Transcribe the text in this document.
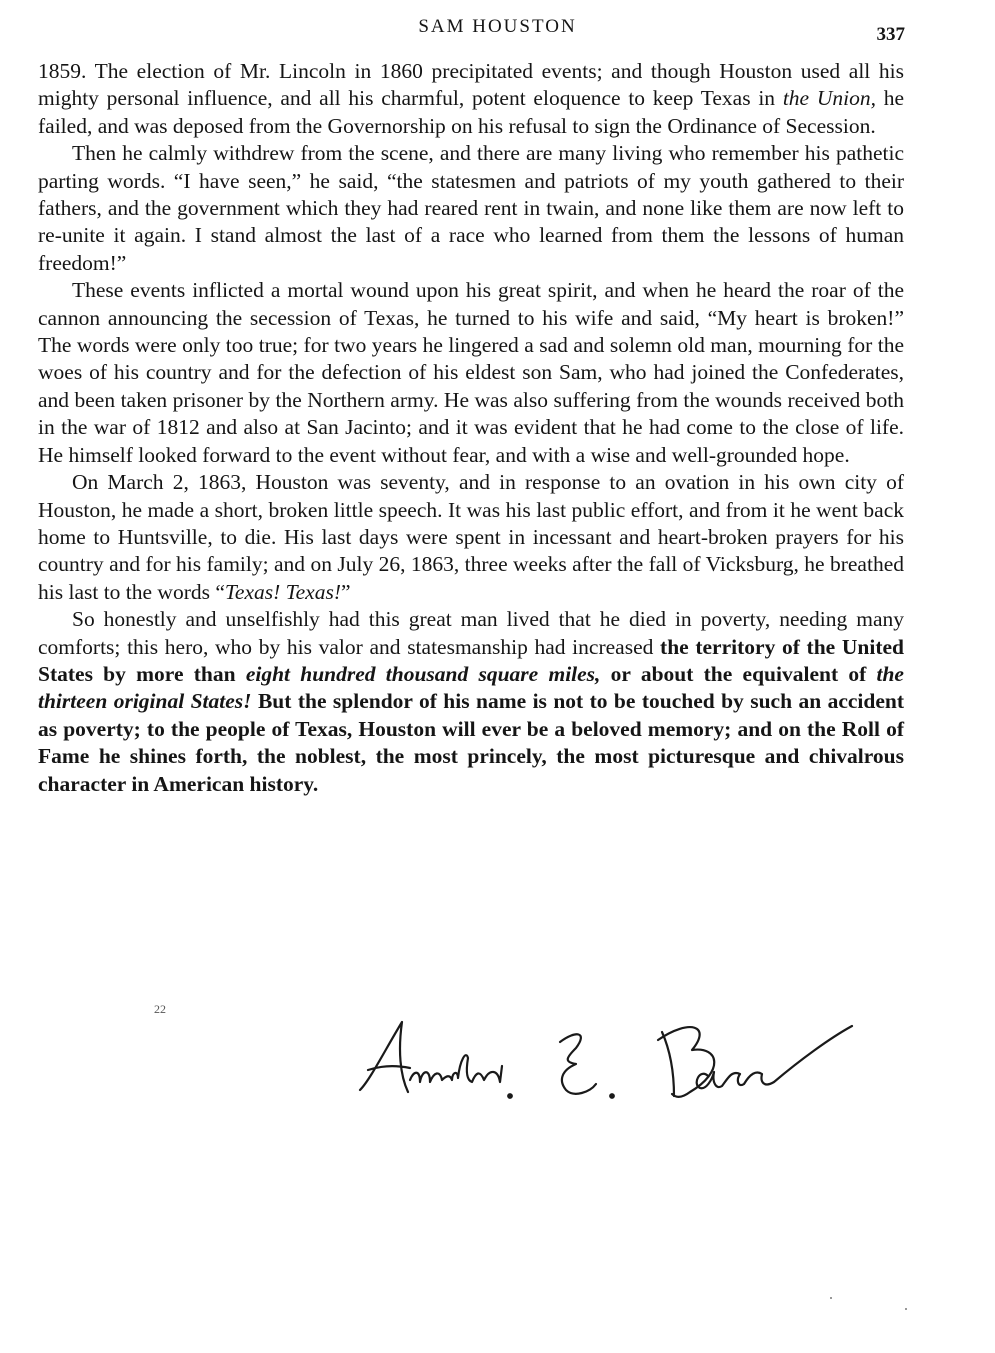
SAM HOUSTON	337

1859. The election of Mr. Lincoln in 1860 precipitated events; and though Houston used all his mighty personal influence, and all his charmful, potent eloquence to keep Texas in the Union, he failed, and was deposed from the Governorship on his refusal to sign the Ordinance of Secession.

Then he calmly withdrew from the scene, and there are many living who remember his pathetic parting words. “I have seen,” he said, “the statesmen and patriots of my youth gathered to their fathers, and the government which they had reared rent in twain, and none like them are now left to re-unite it again. I stand almost the last of a race who learned from them the lessons of human freedom!”

These events inflicted a mortal wound upon his great spirit, and when he heard the roar of the cannon announcing the secession of Texas, he turned to his wife and said, “My heart is broken!” The words were only too true; for two years he lingered a sad and solemn old man, mourning for the woes of his country and for the defection of his eldest son Sam, who had joined the Confederates, and been taken prisoner by the Northern army. He was also suffering from the wounds received both in the war of 1812 and also at San Jacinto; and it was evident that he had come to the close of life. He himself looked forward to the event without fear, and with a wise and well-grounded hope.

On March 2, 1863, Houston was seventy, and in response to an ovation in his own city of Houston, he made a short, broken little speech. It was his last public effort, and from it he went back home to Huntsville, to die. His last days were spent in incessant and heart-broken prayers for his country and for his family; and on July 26, 1863, three weeks after the fall of Vicksburg, he breathed his last to the words “Texas! Texas!”

So honestly and unselfishly had this great man lived that he died in poverty, needing many comforts; this hero, who by his valor and statesmanship had increased the territory of the United States by more than eight hundred thousand square miles, or about the equivalent of the thirteen original States! But the splendor of his name is not to be touched by such an accident as poverty; to the people of Texas, Houston will ever be a beloved memory; and on the Roll of Fame he shines forth, the noblest, the most princely, the most picturesque and chivalrous character in American history.

22
